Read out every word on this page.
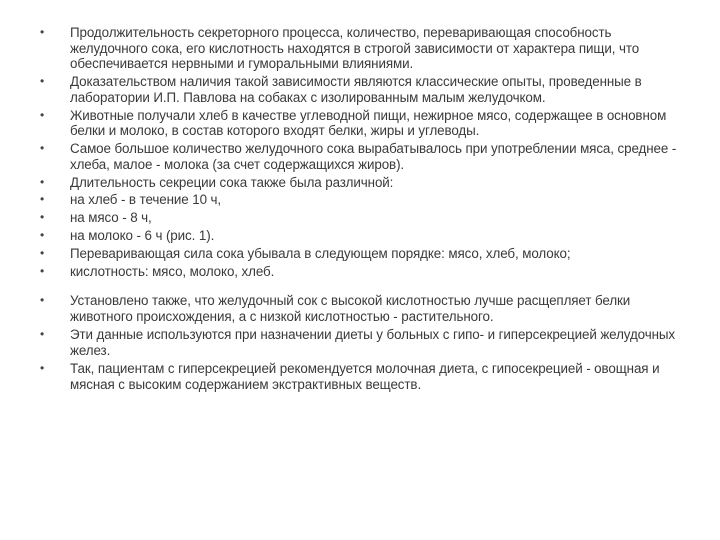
• Продолжительность секреторного процесса, количество, переваривающая способность желудочного сока, его кислотность находятся в строгой зависимости от характера пищи, что обеспечивается нервными и гуморальными влияниями.
• Доказательством наличия такой зависимости являются классические опыты, проведенные в лаборатории И.П. Павлова на собаках с изолированным малым желудочком.
• Животные получали хлеб в качестве углеводной пищи, нежирное мясо, содержащее в основном белки и молоко, в состав которого входят белки, жиры и углеводы.
• Самое большое количество желудочного сока вырабатывалось при употреблении мяса, среднее - хлеба, малое - молока (за счет содержащихся жиров).
• Длительность секреции сока также была различной:
• на хлеб - в течение 10 ч,
• на мясо - 8 ч,
• на молоко - 6 ч (рис. 1).
• Переваривающая сила сока убывала в следующем порядке: мясо, хлеб, молоко;
• кислотность: мясо, молоко, хлеб.
• Установлено также, что желудочный сок с высокой кислотностью лучше расщепляет белки животного происхождения, а с низкой кислотностью - растительного.
• Эти данные используются при назначении диеты у больных с гипо- и гиперсекрецией желудочных желез.
• Так, пациентам с гиперсекрецией рекомендуется молочная диета, с гипосекрецией - овощная и мясная с высоким содержанием экстрактивных веществ.
